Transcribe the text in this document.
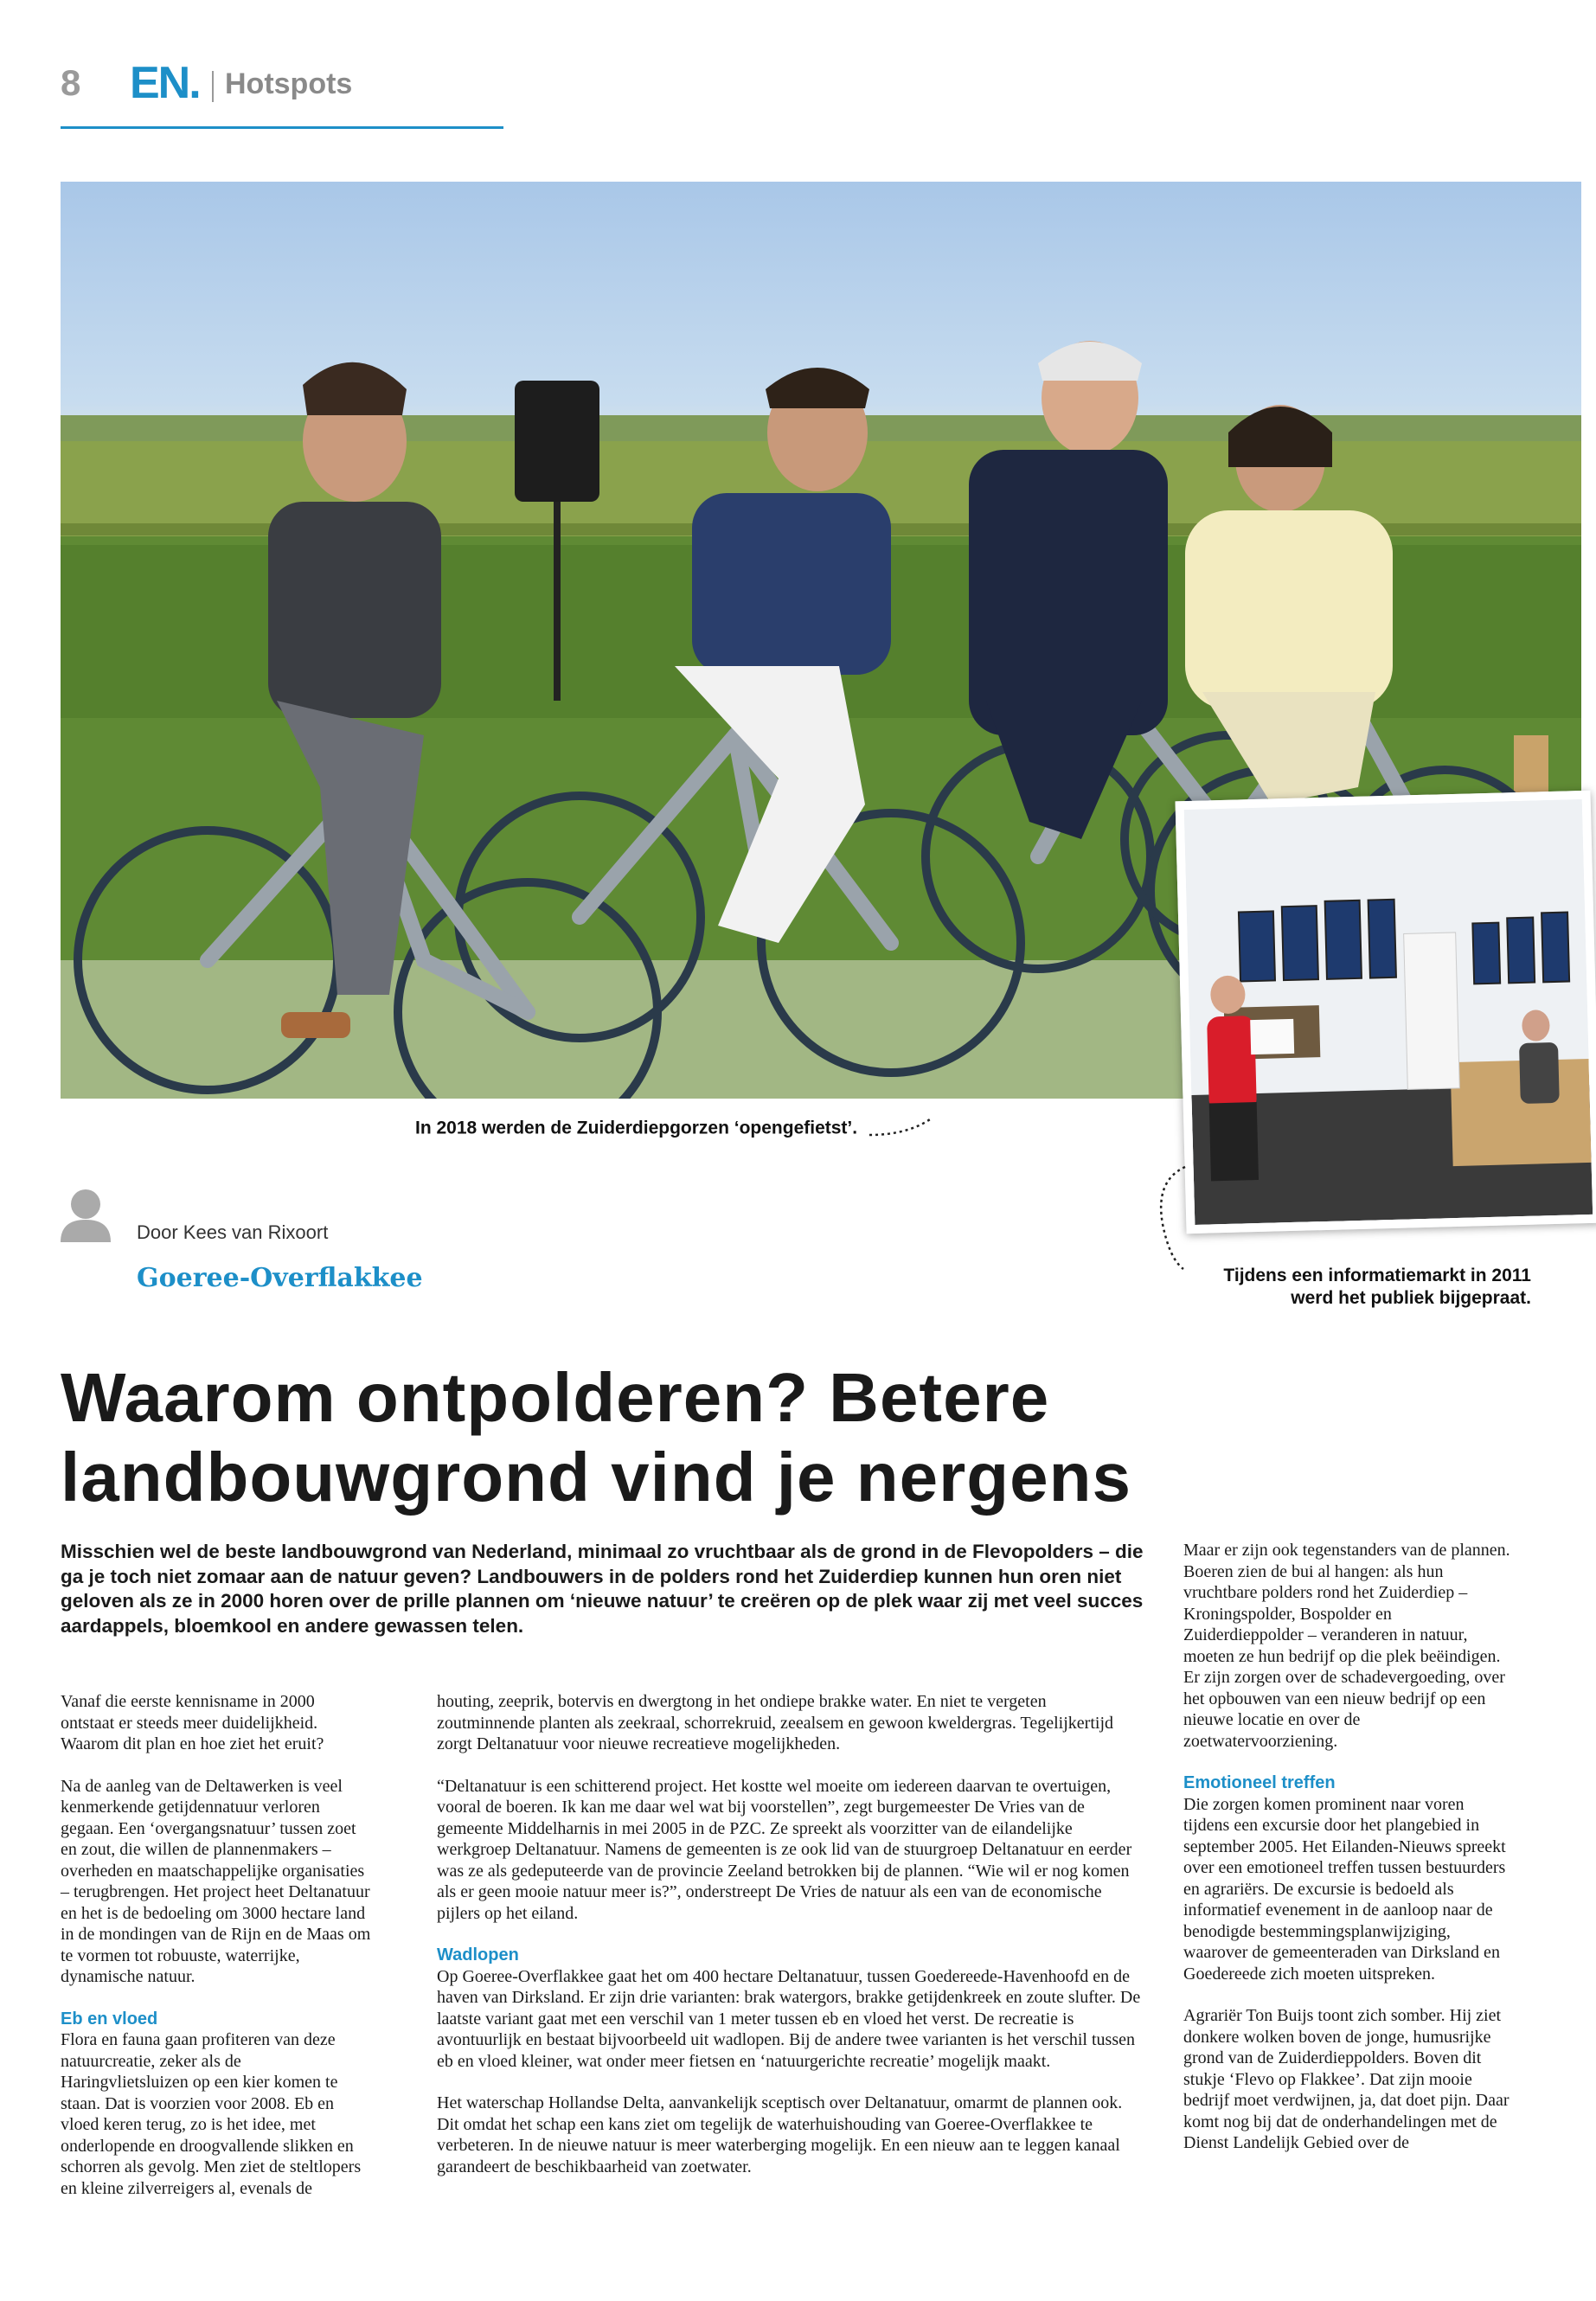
8 EN. Hotspots
In 2018 werden de Zuiderdiepgorzen ‘opengefietst’.
Tijdens een informatiemarkt in 2011
werd het publiek bijgepraat.
Door Kees van Rixoort
Goeree-Overflakkee
Waarom ontpolderen? Betere
landbouwgrond vind je nergens
Misschien wel de beste landbouwgrond van Nederland, minimaal zo vruchtbaar als de grond in de Flevopolders – die ga je toch niet zomaar aan de natuur geven? Landbouwers in de polders rond het Zuiderdiep kunnen hun oren niet geloven als ze in 2000 horen over de prille plannen om ‘nieuwe natuur’ te creëren op de plek waar zij met veel succes aardappels, bloemkool en andere gewassen telen.

Vanaf die eerste kennisname in 2000 ontstaat er steeds meer duidelijkheid. Waarom dit plan en hoe ziet het eruit?

Na de aanleg van de Deltawerken is veel kenmerkende getijdennatuur verloren gegaan. Een ‘overgangsnatuur’ tussen zoet en zout, die willen de plannenmakers – overheden en maatschappelijke organisaties – terugbrengen. Het project heet Deltanatuur en het is de bedoeling om 3000 hectare land in de mondingen van de Rijn en de Maas om te vormen tot robuuste, waterrijke, dynamische natuur.

Eb en vloed

Flora en fauna gaan profiteren van deze natuurcreatie, zeker als de Haringvlietsluizen op een kier komen te staan. Dat is voorzien voor 2008. Eb en vloed keren terug, zo is het idee, met onderlopende en droogvallende slikken en schorren als gevolg. Men ziet de steltlopers en kleine zilverreigers al, evenals de

houting, zeeprik, botervis en dwergtong in het ondiepe brakke water. En niet te vergeten zoutminnende planten als zeekraal, schorrekruid, zeealsem en gewoon kweldergras. Tegelijkertijd zorgt Deltanatuur voor nieuwe recreatieve mogelijkheden.

“Deltanatuur is een schitterend project. Het kostte wel moeite om iedereen daarvan te overtuigen, vooral de boeren. Ik kan me daar wel wat bij voorstellen”, zegt burgemeester De Vries van de gemeente Middelharnis in mei 2005 in de PZC. Ze spreekt als voorzitter van de eilandelijke werkgroep Deltanatuur. Namens de gemeenten is ze ook lid van de stuurgroep Deltanatuur en eerder was ze als gedeputeerde van de provincie Zeeland betrokken bij de plannen. “Wie wil er nog komen als er geen mooie natuur meer is?”, onderstreept De Vries de natuur als een van de economische pijlers op het eiland.

Wadlopen

Op Goeree-Overflakkee gaat het om 400 hectare Deltanatuur, tussen Goedereede-Havenhoofd en de haven van Dirksland. Er zijn drie varianten: brak watergors, brakke getijdenkreek en zoute slufter. De laatste variant gaat met een verschil van 1 meter tussen eb en vloed het verst. De recreatie is avontuurlijk en bestaat bijvoorbeeld uit wadlopen. Bij de andere twee varianten is het verschil tussen eb en vloed kleiner, wat onder meer fietsen en ‘natuurgerichte recreatie’ mogelijk maakt.

Het waterschap Hollandse Delta, aanvankelijk sceptisch over Deltanatuur, omarmt de plannen ook. Dit omdat het schap een kans ziet om tegelijk de waterhuishouding van Goeree-Overflakkee te verbeteren. In de nieuwe natuur is meer waterberging mogelijk. En een nieuw aan te leggen kanaal garandeert de beschikbaarheid van zoetwater.

Maar er zijn ook tegenstanders van de plannen. Boeren zien de bui al hangen: als hun vruchtbare polders rond het Zuiderdiep – Kroningspolder, Bospolder en Zuiderdieppolder – veranderen in natuur, moeten ze hun bedrijf op die plek beëindigen. Er zijn zorgen over de schadevergoeding, over het opbouwen van een nieuw bedrijf op een nieuwe locatie en over de zoetwatervoorziening.

Emotioneel treffen

Die zorgen komen prominent naar voren tijdens een excursie door het plangebied in september 2005. Het Eilanden-Nieuws spreekt over een emotioneel treffen tussen bestuurders en agrariërs. De excursie is bedoeld als informatief evenement in de aanloop naar de benodigde bestemmingsplanwijziging, waarover de gemeenteraden van Dirksland en Goedereede zich moeten uitspreken.

Agrariër Ton Buijs toont zich somber. Hij ziet donkere wolken boven de jonge, humusrijke grond van de Zuiderdieppolders. Boven dit stukje ‘Flevo op Flakkee’. Dat zijn mooie bedrijf moet verdwijnen, ja, dat doet pijn. Daar komt nog bij dat de onderhandelingen met de Dienst Landelijk Gebied over de
